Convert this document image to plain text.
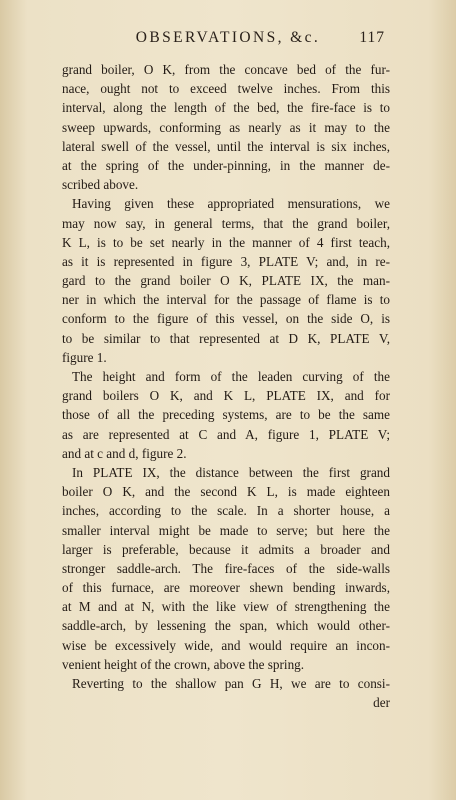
OBSERVATIONS, &c.	117
grand boiler, O K, from the concave bed of the fur-
nace, ought not to exceed twelve inches. From this
interval, along the length of the bed, the fire-face is to
sweep upwards, conforming as nearly as it may to the
lateral swell of the vessel, until the interval is six inches,
at the spring of the under-pinning, in the manner de-
scribed above.
Having given these appropriated mensurations, we
may now say, in general terms, that the grand boiler,
K L, is to be set nearly in the manner of 4 first teach,
as it is represented in figure 3, PLATE V; and, in re-
gard to the grand boiler O K, PLATE IX, the man-
ner in which the interval for the passage of flame is to
conform to the figure of this vessel, on the side O, is
to be similar to that represented at D K, PLATE V,
figure 1.
The height and form of the leaden curving of the
grand boilers O K, and K L, PLATE IX, and for
those of all the preceding systems, are to be the same
as are represented at C and A, figure 1, PLATE V;
and at c and d, figure 2.
In PLATE IX, the distance between the first grand
boiler O K, and the second K L, is made eighteen
inches, according to the scale. In a shorter house, a
smaller interval might be made to serve; but here the
larger is preferable, because it admits a broader and
stronger saddle-arch. The fire-faces of the side-walls
of this furnace, are moreover shewn bending inwards,
at M and at N, with the like view of strengthening the
saddle-arch, by lessening the span, which would other-
wise be excessively wide, and would require an incon-
venient height of the crown, above the spring.
Reverting to the shallow pan G H, we are to consi-
der
